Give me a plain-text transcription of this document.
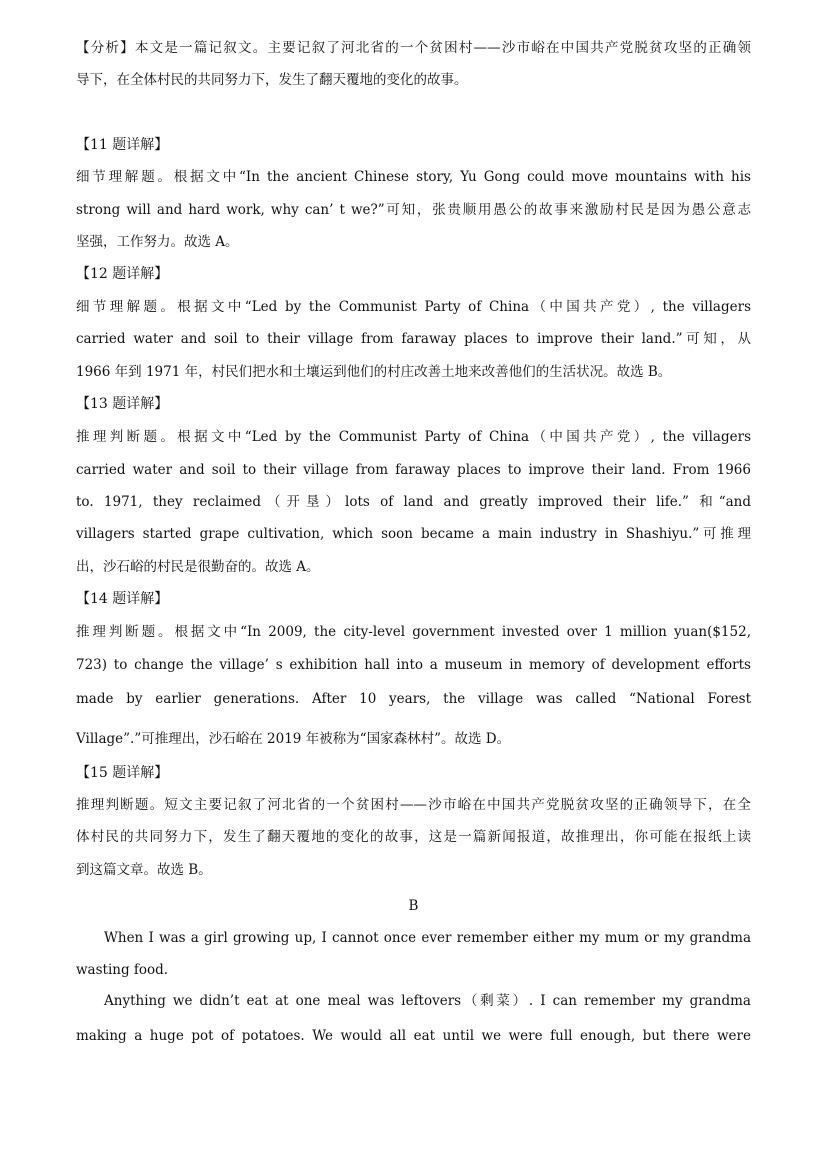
【分析】本文是一篇记叙文。主要记叙了河北省的一个贫困村——沙市峪在中国共产党脱贫攻坚的正确领
导下，在全体村民的共同努力下，发生了翻天覆地的变化的故事。
【11 题详解】
细节理解题。根据文中“In the ancient Chinese story, Yu Gong could move mountains with his
strong will and hard work, why can’ t we?”可知，张贵顺用愚公的故事来激励村民是因为愚公意志
坚强，工作努力。故选 A。
【12 题详解】
细节理解题。根据文中“Led by the Communist Party of China（中国共产党）, the villagers
carried water and soil to their village from faraway places to improve their land.”可知，从
1966 年到 1971 年，村民们把水和土壤运到他们的村庄改善土地来改善他们的生活状况。故选 B。
【13 题详解】
推理判断题。根据文中“Led by the Communist Party of China（中国共产党）, the villagers
carried water and soil to their village from faraway places to improve their land. From 1966
to. 1971, they reclaimed（开垦）lots of land and greatly improved their life.” 和“and
villagers started grape cultivation, which soon became a main industry in Shashiyu.”可推理
出，沙石峪的村民是很勤奋的。故选 A。
【14 题详解】
推理判断题。根据文中“In 2009, the city-level government invested over 1 million yuan($152,
723) to change the village’ s exhibition hall into a museum in memory of development efforts
made by earlier generations. After 10 years, the village was called “National Forest
Village”.”可推理出，沙石峪在 2019 年被称为“国家森林村”。故选 D。
【15 题详解】
推理判断题。短文主要记叙了河北省的一个贫困村——沙市峪在中国共产党脱贫攻坚的正确领导下，在全
体村民的共同努力下，发生了翻天覆地的变化的故事，这是一篇新闻报道，故推理出，你可能在报纸上读
到这篇文章。故选 B。
B
When I was a girl growing up, I cannot once ever remember either my mum or my grandma
wasting food.
Anything we didn’t eat at one meal was leftovers（剩菜）. I can remember my grandma
making a huge pot of potatoes. We would all eat until we were full enough, but there were
